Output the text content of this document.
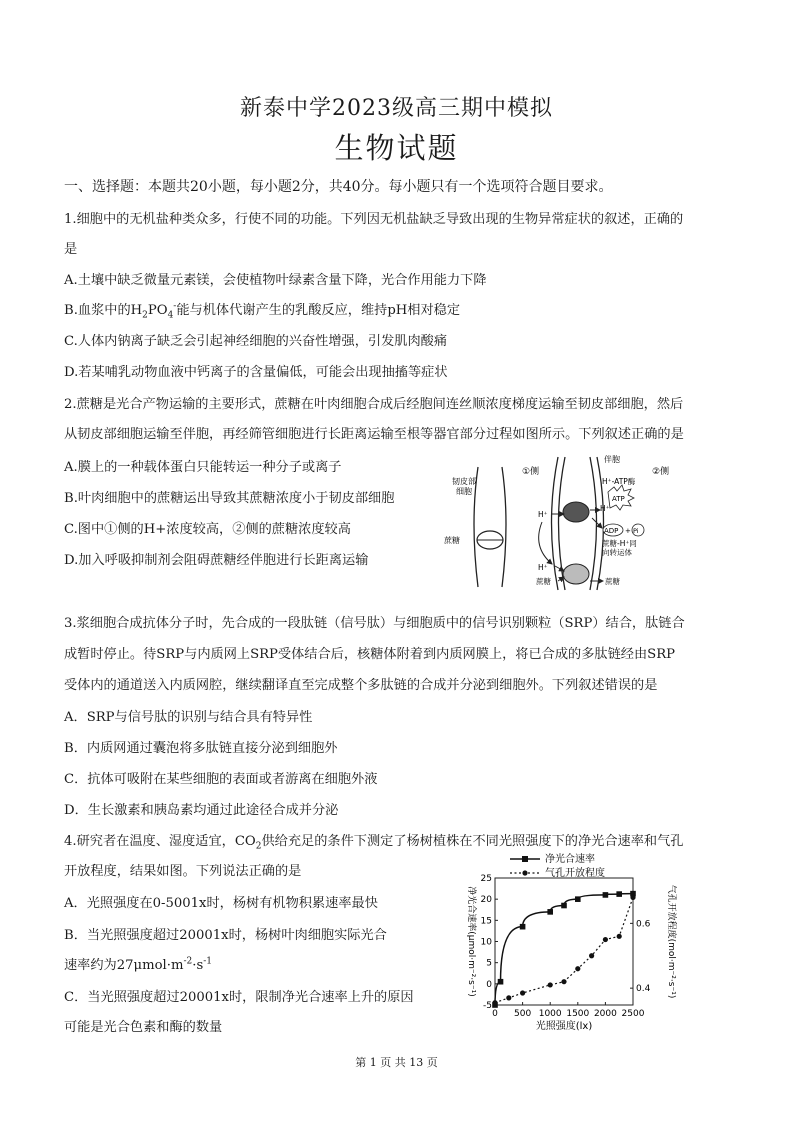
新泰中学2023级高三期中模拟
生物试题
一、选择题：本题共20小题，每小题2分，共40分。每小题只有一个选项符合题目要求。
1.细胞中的无机盐种类众多，行使不同的功能。下列因无机盐缺乏导致出现的生物异常症状的叙述，正确的
是
A.土壤中缺乏微量元素镁，会使植物叶绿素含量下降，光合作用能力下降
B.血浆中的$H_2PO_4^-$能与机体代谢产生的乳酸反应，维持pH相对稳定
C.人体内钠离子缺乏会引起神经细胞的兴奋性增强，引发肌肉酸痛
D.若某哺乳动物血液中钙离子的含量偏低，可能会出现抽搐等症状
2.蔗糖是光合产物运输的主要形式，蔗糖在叶肉细胞合成后经胞间连丝顺浓度梯度运输至韧皮部细胞，然后
从韧皮部细胞运输至伴胞，再经筛管细胞进行长距离运输至根等器官部分过程如图所示。下列叙述正确的是
A.膜上的一种载体蛋白只能转运一种分子或离子
B.叶肉细胞中的蔗糖运出导致其蔗糖浓度小于韧皮部细胞
C.图中①侧的H+浓度较高，②侧的蔗糖浓度较高
D.加入呼吸抑制剂会阻碍蔗糖经伴胞进行长距离运输
韧皮部
细胞
①侧
伴胞
②侧
H⁺-ATP酶
ATP
ADP + Pi
蔗糖-H⁺同
向转运体
蔗糖
H⁺
H⁺
H⁺
蔗糖	蔗糖
3.浆细胞合成抗体分子时，先合成的一段肽链（信号肽）与细胞质中的信号识别颗粒（SRP）结合，肽链合
成暂时停止。待SRP与内质网上SRP受体结合后，核糖体附着到内质网膜上，将已合成的多肽链经由SRP
受体内的通道送入内质网腔，继续翻译直至完成整个多肽链的合成并分泌到细胞外。下列叙述错误的是
A．SRP与信号肽的识别与结合具有特异性
B．内质网通过囊泡将多肽链直接分泌到细胞外
C．抗体可吸附在某些细胞的表面或者游离在细胞外液
D．生长激素和胰岛素均通过此途径合成并分泌
4.研究者在温度、湿度适宜，$CO_2$供给充足的条件下测定了杨树植株在不同光照强度下的净光合速率和气孔
开放程度，结果如图。下列说法正确的是
A．光照强度在0-5001x时，杨树有机物积累速率最快
B．当光照强度超过20001x时，杨树叶肉细胞实际光合
速率约为$27\mu mol\cdot m^{-2}\cdot s^{-1}$
C．当光照强度超过20001x时，限制净光合速率上升的原因
可能是光合色素和酶的数量
0 500 1000 1500 2000 2500
-5
0
5
10
15
20
25
0.4
0.6
光照强度(lx)
净光合速率(μmol·m⁻²·s⁻¹)	气孔开放程度(mol·m⁻²·s⁻¹)
净光合速率
气孔开放程度
第 1 页 共 13 页
